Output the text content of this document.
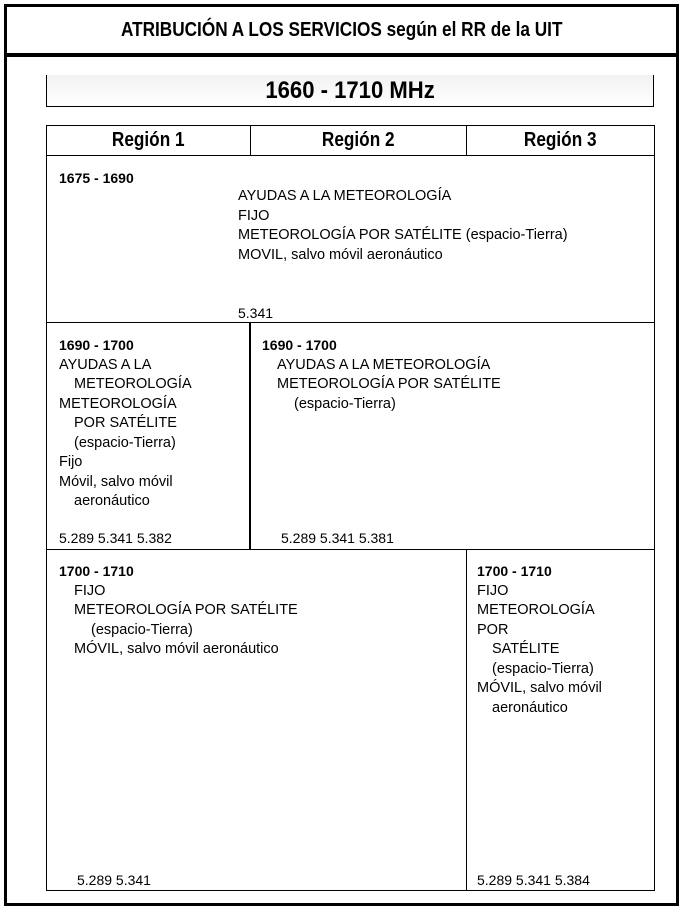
ATRIBUCIÓN A LOS SERVICIOS según el RR de la UIT
1660 - 1710 MHz
Región 1	Región 2	Región 3
1675 - 1690
AYUDAS A LA METEOROLOGÍA
FIJO
METEOROLOGÍA POR SATÉLITE (espacio-Tierra)
MOVIL, salvo móvil aeronáutico
5.341
1690 - 1700
AYUDAS A LA
METEOROLOGÍA
METEOROLOGÍA
POR SATÉLITE
(espacio-Tierra)
Fijo
Móvil, salvo móvil
aeronáutico
5.289 5.341 5.382
1690 - 1700
AYUDAS A LA METEOROLOGÍA
METEOROLOGÍA POR SATÉLITE
(espacio-Tierra)
5.289 5.341 5.381
1700 - 1710
FIJO
METEOROLOGÍA POR SATÉLITE
(espacio-Tierra)
MÓVIL, salvo móvil aeronáutico
5.289 5.341
1700 - 1710
FIJO
METEOROLOGÍA
POR
SATÉLITE
(espacio-Tierra)
MÓVIL, salvo móvil
aeronáutico
5.289 5.341 5.384
